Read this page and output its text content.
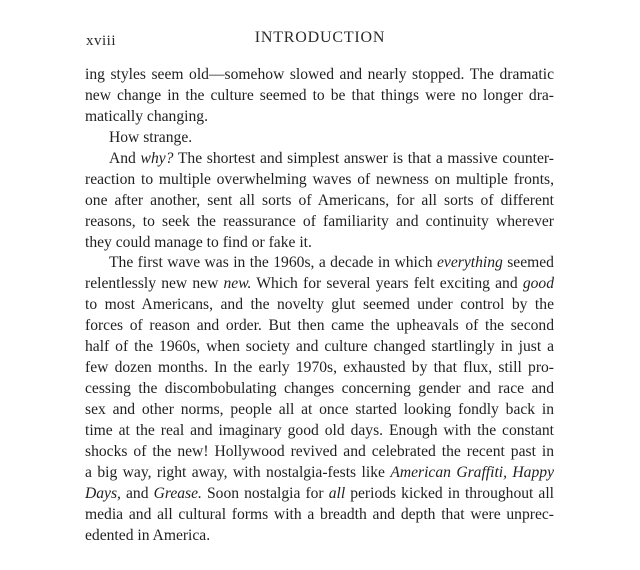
xviii	INTRODUCTION
ing styles seem old—somehow slowed and nearly stopped. The dramatic
new change in the culture seemed to be that things were no longer dra-
matically changing.
How strange.
And why? The shortest and simplest answer is that a massive counter-
reaction to multiple overwhelming waves of newness on multiple fronts,
one after another, sent all sorts of Americans, for all sorts of different
reasons, to seek the reassurance of familiarity and continuity wherever
they could manage to find or fake it.
The first wave was in the 1960s, a decade in which everything seemed
relentlessly new new new. Which for several years felt exciting and good
to most Americans, and the novelty glut seemed under control by the
forces of reason and order. But then came the upheavals of the second
half of the 1960s, when society and culture changed startlingly in just a
few dozen months. In the early 1970s, exhausted by that flux, still pro-
cessing the discombobulating changes concerning gender and race and
sex and other norms, people all at once started looking fondly back in
time at the real and imaginary good old days. Enough with the constant
shocks of the new! Hollywood revived and celebrated the recent past in
a big way, right away, with nostalgia-fests like American Graffiti, Happy
Days, and Grease. Soon nostalgia for all periods kicked in throughout all
media and all cultural forms with a breadth and depth that were unprec-
edented in America.
